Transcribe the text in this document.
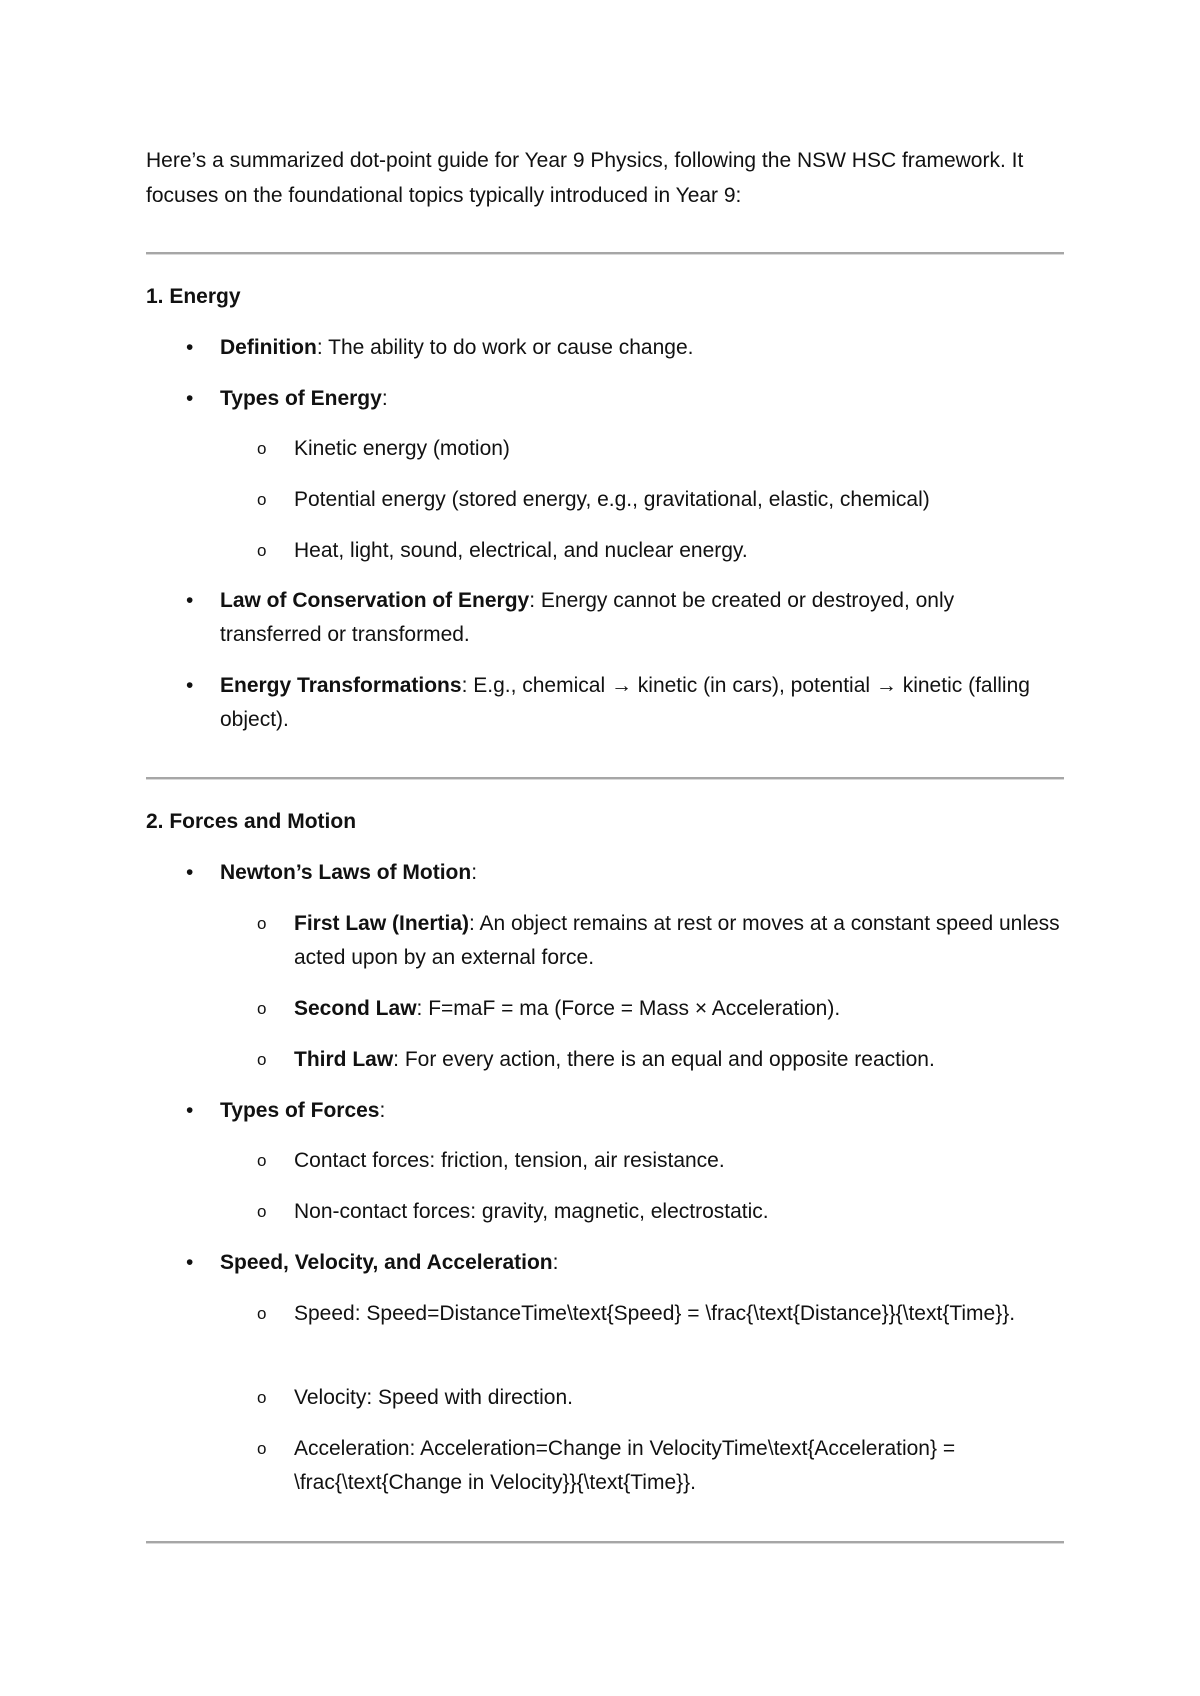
Here’s a summarized dot-point guide for Year 9 Physics, following the NSW HSC framework. It focuses on the foundational topics typically introduced in Year 9:

1. Energy
• Definition: The ability to do work or cause change.

• Types of Energy:

o Kinetic energy (motion)

o Potential energy (stored energy, e.g., gravitational, elastic, chemical)

o Heat, light, sound, electrical, and nuclear energy.

• Law of Conservation of Energy: Energy cannot be created or destroyed, only transferred or transformed.

• Energy Transformations: E.g., chemical → kinetic (in cars), potential → kinetic (falling object).

2. Forces and Motion
• Newton’s Laws of Motion:

o First Law (Inertia): An object remains at rest or moves at a constant speed unless acted upon by an external force.

o Second Law: F=maF = ma (Force = Mass × Acceleration).

o Third Law: For every action, there is an equal and opposite reaction.

• Types of Forces:

o Contact forces: friction, tension, air resistance.

o Non-contact forces: gravity, magnetic, electrostatic.

• Speed, Velocity, and Acceleration:

o Speed: Speed=DistanceTime\text{Speed} = \frac{\text{Distance}}{\text{Time}}.

o Velocity: Speed with direction.

o Acceleration: Acceleration=Change in VelocityTime\text{Acceleration} = \frac{\text{Change in Velocity}}{\text{Time}}.
